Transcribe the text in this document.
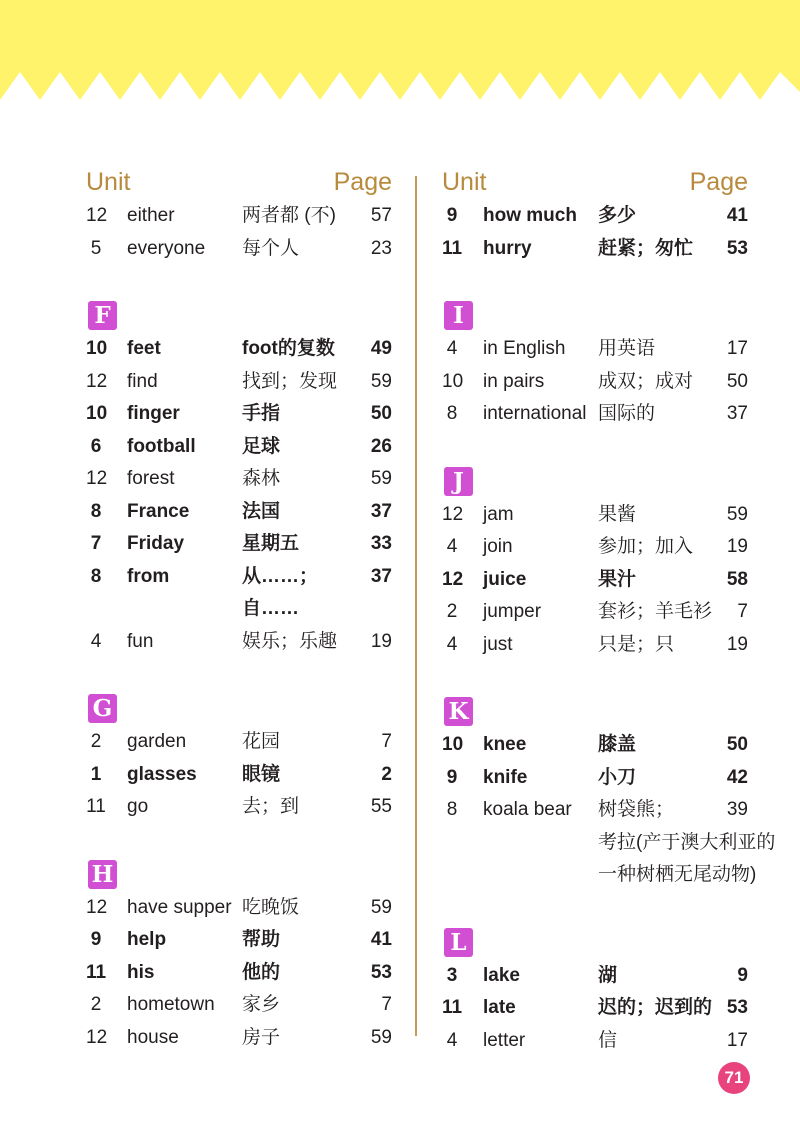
Unit	Page
12 either	两者都 (不) 57
5 everyone 每个人	23
F
10 feet	foot的复数 49
12 find	找到；发现 59
10 finger	手指	50
6 football 足球	26
12 forest	森林	59
8 France	法国	37
7 Friday	星期五	33
8 from	从……；	37
自……
4 fun	娱乐；乐趣 19
G
2 garden	花园	7
1 glasses 眼镜	2
11 go	去；到	55
H
12 have supper 吃晚饭	59
9 help	帮助	41
11 his	他的	53
2 hometown 家乡	7
12 house	房子	59
Unit	Page
9 how much 多少	41
11 hurry	赶紧；匆忙 53
I
4 in English 用英语	17
10 in pairs	成双；成对 50
8 international 国际的	37
J
12 jam	果酱	59
4 join	参加；加入 19
12 juice	果汁	58
2 jumper	套衫；羊毛衫 7
4 just	只是；只	19
K
10 knee	膝盖	50
9 knife	小刀	42
8 koala bear 树袋熊；	39
考拉(产于澳大利亚的
一种树栖无尾动物)
L
3 lake	湖	9
11 late	迟的；迟到的 53
4 letter	信	17
71
